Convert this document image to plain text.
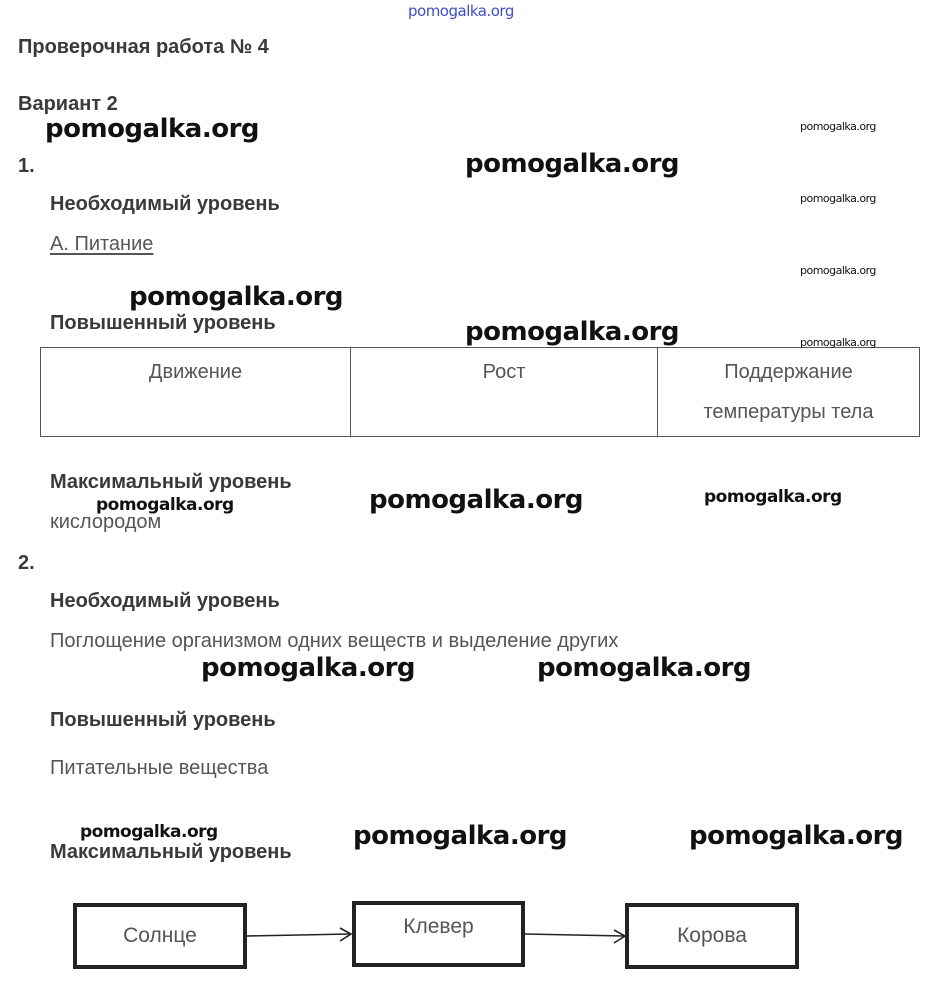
pomogalka.org
Проверочная работа № 4
Вариант 2
1.
Необходимый уровень
А. Питание
Повышенный уровень
Движение	Рост	Поддержание температуры тела
Максимальный уровень
кислородом
2.
Необходимый уровень
Поглощение организмом одних веществ и выделение других
Повышенный уровень
Питательные вещества
Максимальный уровень
Солнце	Клевер	Корова
pomogalka.org	pomogalka.org
pomogalka.org
pomogalka.org
pomogalka.org
pomogalka.org
pomogalka.org	pomogalka.org
pomogalka.org	pomogalka.org	pomogalka.org
pomogalka.org	pomogalka.org
pomogalka.org	pomogalka.org	pomogalka.org
